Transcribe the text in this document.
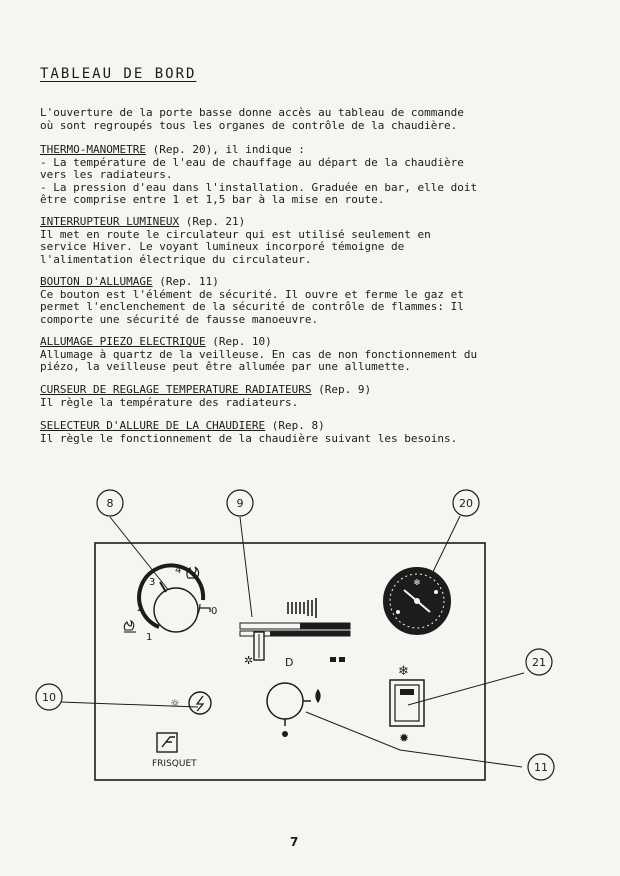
TABLEAU DE BORD

L'ouverture de la porte basse donne accès au tableau de commande
où sont regroupés tous les organes de contrôle de la chaudière.

THERMO-MANOMETRE (Rep. 20), il indique :
- La température de l'eau de chauffage au départ de la chaudière
vers les radiateurs.
- La pression d'eau dans l'installation. Graduée en bar, elle doit
être comprise entre 1 et 1,5 bar à la mise en route.

INTERRUPTEUR LUMINEUX (Rep. 21)
Il met en route le circulateur qui est utilisé seulement en
service Hiver. Le voyant lumineux incorporé témoigne de
l'alimentation électrique du circulateur.

BOUTON D'ALLUMAGE (Rep. 11)
Ce bouton est l'élément de sécurité. Il ouvre et ferme le gaz et
permet l'enclenchement de la sécurité de contrôle de flammes: Il
comporte une sécurité de fausse manoeuvre.

ALLUMAGE PIEZO ELECTRIQUE (Rep. 10)
Allumage à quartz de la veilleuse. En cas de non fonctionnement du
piézo, la veilleuse peut être allumée par une allumette.

CURSEUR DE REGLAGE TEMPERATURE RADIATEURS (Rep. 9)
Il règle la température des radiateurs.

SELECTEUR D'ALLURE DE LA CHAUDIERE (Rep. 8)
Il règle le fonctionnement de la chaudière suivant les besoins.

8	9	20
10
21
11
3
4
2
1
0
✲	D
✻
☼
FRISQUET
❄
✹
7
